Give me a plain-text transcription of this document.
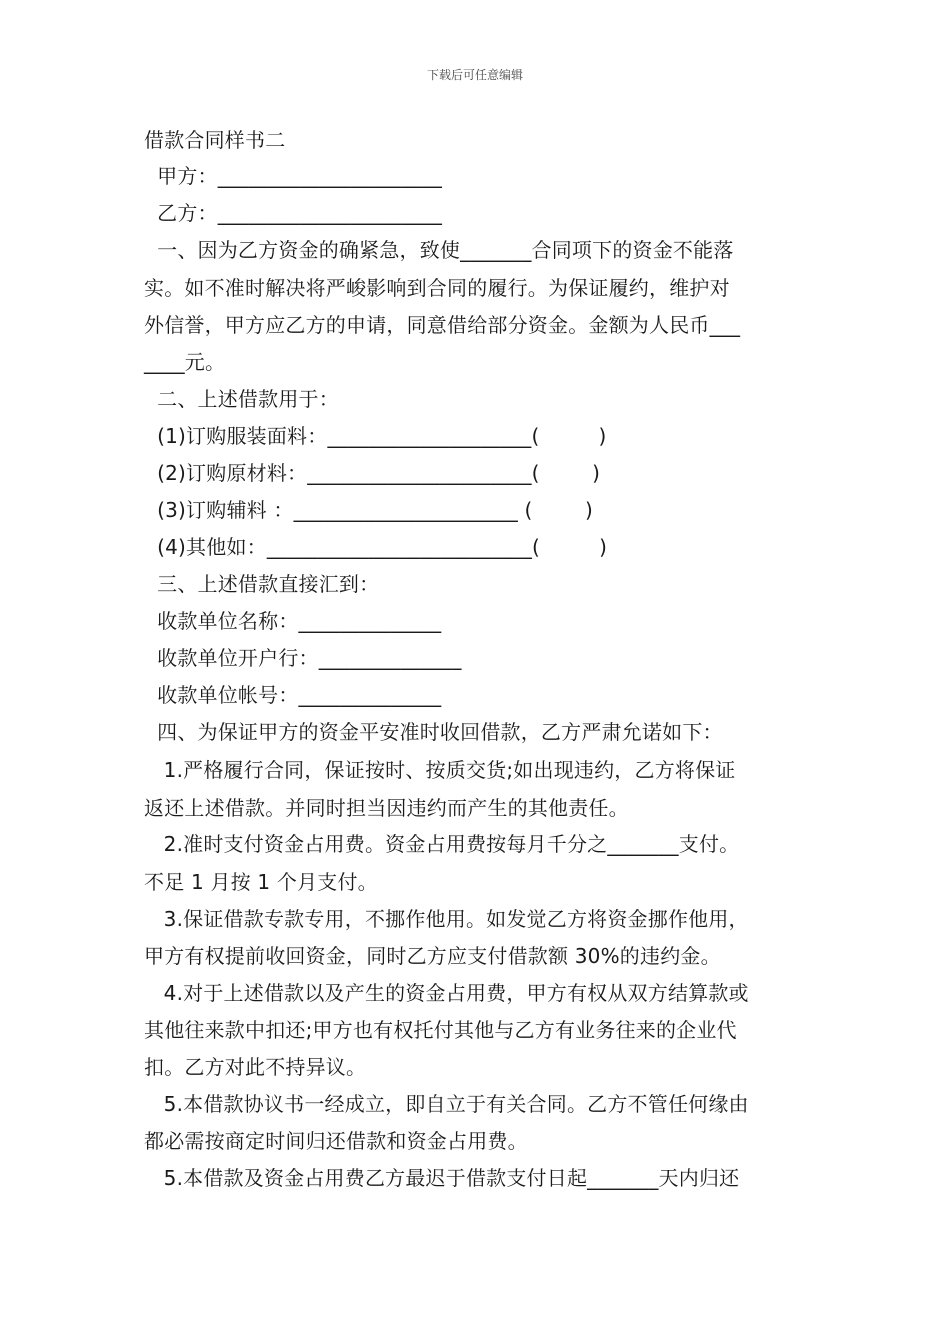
下载后可任意编辑
借款合同样书二
甲方：______________________
乙方：______________________
一、因为乙方资金的确紧急，致使_______合同项下的资金不能落
实。如不准时解决将严峻影响到合同的履行。为保证履约，维护对
外信誉，甲方应乙方的申请，同意借给部分资金。金额为人民币___
____元。
二、上述借款用于：
(1)订购服装面料：____________________(         )
(2)订购原材料：______________________(        )
(3)订购辅料 ：______________________ (        )
(4)其他如：__________________________(         )
三、上述借款直接汇到：
收款单位名称：______________
收款单位开户行：______________
收款单位帐号：______________
四、为保证甲方的资金平安准时收回借款，乙方严肃允诺如下：
1.严格履行合同，保证按时、按质交货;如出现违约，乙方将保证
返还上述借款。并同时担当因违约而产生的其他责任。
2.准时支付资金占用费。资金占用费按每月千分之_______支付。
不足 1 月按 1 个月支付。
3.保证借款专款专用，不挪作他用。如发觉乙方将资金挪作他用，
甲方有权提前收回资金，同时乙方应支付借款额 30%的违约金。
4.对于上述借款以及产生的资金占用费，甲方有权从双方结算款或
其他往来款中扣还;甲方也有权托付其他与乙方有业务往来的企业代
扣。乙方对此不持异议。
5.本借款协议书一经成立，即自立于有关合同。乙方不管任何缘由
都必需按商定时间归还借款和资金占用费。
5.本借款及资金占用费乙方最迟于借款支付日起_______天内归还
